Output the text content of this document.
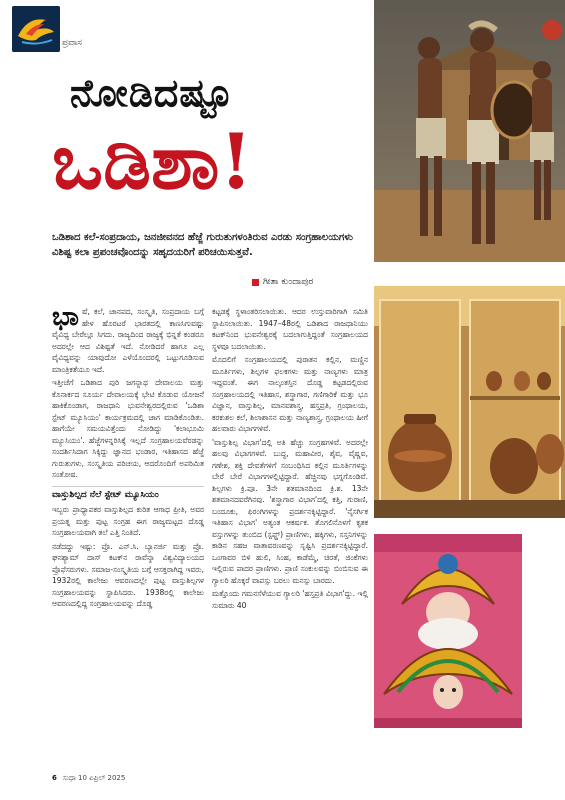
ಪ್ರವಾಸ
ನೋಡಿದಷ್ಟೂ
ಒಡಿಶಾ!
ಒಡಿಶಾದ ಕಲೆ-ಸಂಪ್ರದಾಯ, ಜನಜೀವನದ ಹೆಜ್ಜೆ ಗುರುತುಗಳಂತಿರುವ ಎರಡು ಸಂಗ್ರಹಾಲಯಗಳು ವಿಶಿಷ್ಟ ಕಲಾ ಪ್ರಪಂಚವೊಂದನ್ನು ಸಹೃದಯರಿಗೆ ಪರಿಚಯಿಸುತ್ತವೆ.
ಗೀತಾ ಕುಂದಾಪುರ

ಭಾಷೆ, ಕಲೆ, ಜಾನಪದ, ಸಂಸ್ಕೃತಿ, ಸಂಪ್ರದಾಯ ಬಗ್ಗೆ ಹೇಳ ಹೊರಟರೆ ಭಾರತದಲ್ಲಿ ಕಾಣಸಿಗುವಷ್ಟು ವೈವಿಧ್ಯ ಬೇರೆಲ್ಲೂ ಸಿಗದು. ರಾಜ್ಯದಿಂದ ರಾಜ್ಯಕ್ಕೆ ಭಿನ್ನತೆ ಕಂಡರೂ ಅದರಲ್ಲೇ ಆದ ವಿಶಿಷ್ಟತೆ ಇದೆ. ನೋಡಿದರೆ ಹಾಗೂ ಎಲ್ಲ ವೈವಿಧ್ಯವನ್ನು ಯಾವುದೋ ಎಳೆಯೊಂದರಲ್ಲಿ ಒಟ್ಟುಗೂಡಿಸುವ ಮಾಂತ್ರಿಕತೆಯೂ ಇದೆ.

ಇತ್ತೀಚೆಗೆ ಒಡಿಶಾದ ಪುರಿ ಜಗನ್ನಾಥ ದೇವಾಲಯ ಮತ್ತು ಕೊನಾರ್ಕದ ಸೂರ್ಯ ದೇವಾಲಯಕ್ಕೆ ಭೇಟಿ ಕೊಡುವ ಯೋಜನೆ ಹಾಕಿಕೊಂಡಾಗ, ರಾಜಧಾನಿ ಭುವನೇಶ್ವರದಲ್ಲಿರುವ 'ಒಡಿಶಾ ಸ್ಟೇಟ್ ಮ್ಯೂಸಿಯಂ' ಕಾರ್ಯಕ್ರಮದಲ್ಲಿ ಜಾಗ ಮಾಡಿಕೊಂಡಿತು. ಹಾಗೆಯೇ ಸಮಯವಿತ್ತೆಂದು ನೋಡಿದ್ದು 'ಕಲಾಭೂಮಿ ಮ್ಯೂಸಿಯಂ'. ಹೆಜ್ಜೆಗಳನ್ನರಿಸಿಕ್ಕೆ ಇಲ್ಲದೆ ಸಂಗ್ರಹಾಲಯವೆರಡನ್ನು ಸಂದರ್ಶಿಸಿದಾಗ ಸಿಕ್ಕಿದ್ದು ಜ್ಞಾನದ ಭಂಡಾರ, ಇತಿಹಾಸದ ಹೆಜ್ಜೆ ಗುರುತುಗಳು, ಸಂಸ್ಕೃತಿಯ ಪರಿಚಯ, ಆದರೊಂದಿಗೆ ಅಪರಿಮಿತ ಸಂತೋಷ.

ವಾಸ್ತುಶಿಲ್ಪದ ನೆಲೆ ಸ್ಟೇಟ್ ಮ್ಯೂಸಿಯಂ

ಇಬ್ಬರು ಪ್ರಾಧ್ಯಾಪಕರ ವಾಸ್ತುಶಿಲ್ಪದ ಕುರಿತ ಆಗಾಧ ಪ್ರೀತಿ, ಅವರ ಪ್ರಯತ್ನ ಮತ್ತು ಪುಟ್ಟ ಸಂಗ್ರಹ ಈಗ ರಾಜ್ಯಮಟ್ಟದ ದೊಡ್ಡ ಸಂಗ್ರಹಾಲಯವಾಗಿ ತಲೆ ಎತ್ತಿ ನಿಂತಿದೆ.

ನಡೆದದ್ದು ಇಷ್ಟು: ಪ್ರೊ. ಎನ್.ಸಿ. ಬ್ಯಾನರ್ಜಿ ಮತ್ತು ಪ್ರೊ. ಘನಶ್ಯಾಮ್ ದಾಸ್ ಕಟಕ್‌ನ ರಾವೆನ್ಶಾ ವಿಶ್ವವಿದ್ಯಾಲಯದ ಪ್ರೊಫೆಸರುಗಳು. ಸಮಾಜ-ಸಂಸ್ಕೃತಿಯ ಬಗ್ಗೆ ಆಸಕ್ತರಾಗಿದ್ದ ಇವರು, 1932ರಲ್ಲಿ ಕಾಲೇಜು ಆವರಣದಲ್ಲೇ ಪುಟ್ಟ ವಾಸ್ತುಶಿಲ್ಪಗಳ ಸಂಗ್ರಹಾಲಯವನ್ನು ಸ್ಥಾಪಿಸಿದರು. 1938ರಲ್ಲಿ ಕಾಲೇಜು ಆವರಣದಲ್ಲಿದ್ದ ಸಂಗ್ರಹಾಲಯವನ್ನು ದೊಡ್ಡ

ಕಟ್ಟಡಕ್ಕೆ ಸ್ಥಳಾಂತರಿಸಲಾಯಿತು. ಆದರ ಉಸ್ತುವಾರಿಗಾಗಿ ಸಮಿತಿ ಸ್ಥಾಪಿಸಲಾಯಿತು. 1947–48ರಲ್ಲಿ ಒಡಿಶಾದ ರಾಜಧಾನಿಯು ಕಟಕ್‌ನಿಂದ ಭುವನೇಶ್ವರಕ್ಕೆ ಬದಲಾಗುತ್ತಿದ್ದಂತೆ ಸಂಗ್ರಹಾಲಯದ ಸ್ಥಳವೂ ಬದಲಾಯಿತು.

ಮೊದಲಿಗೆ ಸಂಗ್ರಹಾಲಯದಲ್ಲಿ ಪುರಾತನ ಕಲ್ಲಿನ, ಮಣ್ಣಿನ ಮೂರ್ತಿಗಳು, ಶಿಲ್ಪಗಳ ಫಲಕಗಳು ಮತ್ತು ನಾಣ್ಯಗಳು ಮಾತ್ರ ಇದ್ದವಂತೆ. ಈಗ ನಾಲ್ಕಂತಸ್ತಿನ ದೊಡ್ಡ ಕಟ್ಟಡದಲ್ಲಿರುವ ಸಂಗ್ರಹಾಲಯದಲ್ಲಿ ಇತಿಹಾಸ, ಶಸ್ತ್ರಾಗಾರ, ಗಣಿಗಾರಿಕೆ ಮತ್ತು ಭೂ ವಿಜ್ಞಾನ, ವಾಸ್ತುಶಿಲ್ಪ, ಮಾನವಶಾಸ್ತ್ರ, ಹಸ್ತಪ್ರತಿ, ಗ್ರಂಥಾಲಯ, ಕರಕುಶಲ ಕಲೆ, ಶಿಲಾಶಾಸನ ಮತ್ತು ನಾಣ್ಯಶಾಸ್ತ್ರ, ಗ್ರಂಥಾಲಯ ಹೀಗೆ ಹಲವಾರು ವಿಭಾಗಗಳಿವೆ.

'ವಾಸ್ತುಶಿಲ್ಪ ವಿಭಾಗ'ದಲ್ಲಿ ಅತಿ ಹೆಚ್ಚು ಸಂಗ್ರಹಗಳಿವೆ. ಅದರಲ್ಲೇ ಹಲವು ವಿಭಾಗಗಳಿವೆ. ಬುದ್ಧ, ಮಹಾವೀರ, ಶೈವ, ವೈಷ್ಣವ, ಗಣೇಶ, ಶಕ್ತಿ ದೇವತೆಗಳಿಗೆ ಸಂಬಂಧಿಸಿದ ಕಲ್ಲಿನ ಮೂರ್ತಿಗಳನ್ನು ಬೇರೆ ಬೇರೆ ವಿಭಾಗಗಳಲ್ಲಿಟ್ಟಿದ್ದಾರೆ. ಹೆಚ್ಚಿನವು ಭಗ್ನಗೊಂಡಿವೆ. ಶಿಲ್ಪಗಳು ಕ್ರಿ.ಪೂ. 3ನೇ ಶತಮಾನದಿಂದ ಕ್ರಿ.ಶ. 13ನೇ ಶತಮಾನದವರೆಗಿನವು. 'ಶಸ್ತ್ರಾಗಾರ ವಿಭಾಗ'ದಲ್ಲಿ ಕತ್ತಿ, ಗುರಾಣಿ, ಬಂದೂಕು, ಫಿರಂಗಿಗಳನ್ನು ಪ್ರದರ್ಶನಕ್ಕಿಟ್ಟಿದ್ದಾರೆ. 'ನೈಸರ್ಗಿಕ ಇತಿಹಾಸ ವಿಭಾಗ' ಅತ್ಯಂತ ಆಕರ್ಷಕ. ತೊಗಲಿನೊಳಗೆ ಕೃತಕ ವಸ್ತುಗಳನ್ನು ತುಂಬಿದ (ಸ್ಟಫ್ಡ್) ಪ್ರಾಣಿಗಳು, ಹಕ್ಕಿಗಳು, ಸಸ್ತನಿಗಳನ್ನು ಕಾಡಿನ ಸಹಜ ವಾತಾವರಣವನ್ನು ಸೃಷ್ಟಿಸಿ ಪ್ರದರ್ಶನಕ್ಕಿಟ್ಟಿದ್ದಾರೆ. ಒಂಗಾವರ ಬಿಳಿ ಹುಲಿ, ಸಿಂಹ, ಕಾಡೆಮ್ಮೆ, ಚಿರತೆ, ಜಿಂಕೆಗಳು ಇಲ್ಲಿರುವ ಪಾದರ ಪ್ರಾಣಿಗಳು. ಪ್ರಾಣಿ ಸಂಕುಲವನ್ನು ಬಿಂಬಿಸುವ ಈ ಗ್ಯಾಲರಿ ಹೊಕ್ಕರೆ ವಾಪಸ್ಸು ಬರಲು ಮನಸ್ಸು ಬಾರದು.

ಮತ್ತೊಂದು ಗಮನಸೆಳೆಯುವ ಗ್ಯಾಲರಿ 'ಹಸ್ತಪ್ರತಿ ವಿಭಾಗ'ದ್ದು. ಇಲ್ಲಿ ಸುಮಾರು 40

6 ಸುಧಾ 10 ಏಪ್ರಿಲ್ 2025
